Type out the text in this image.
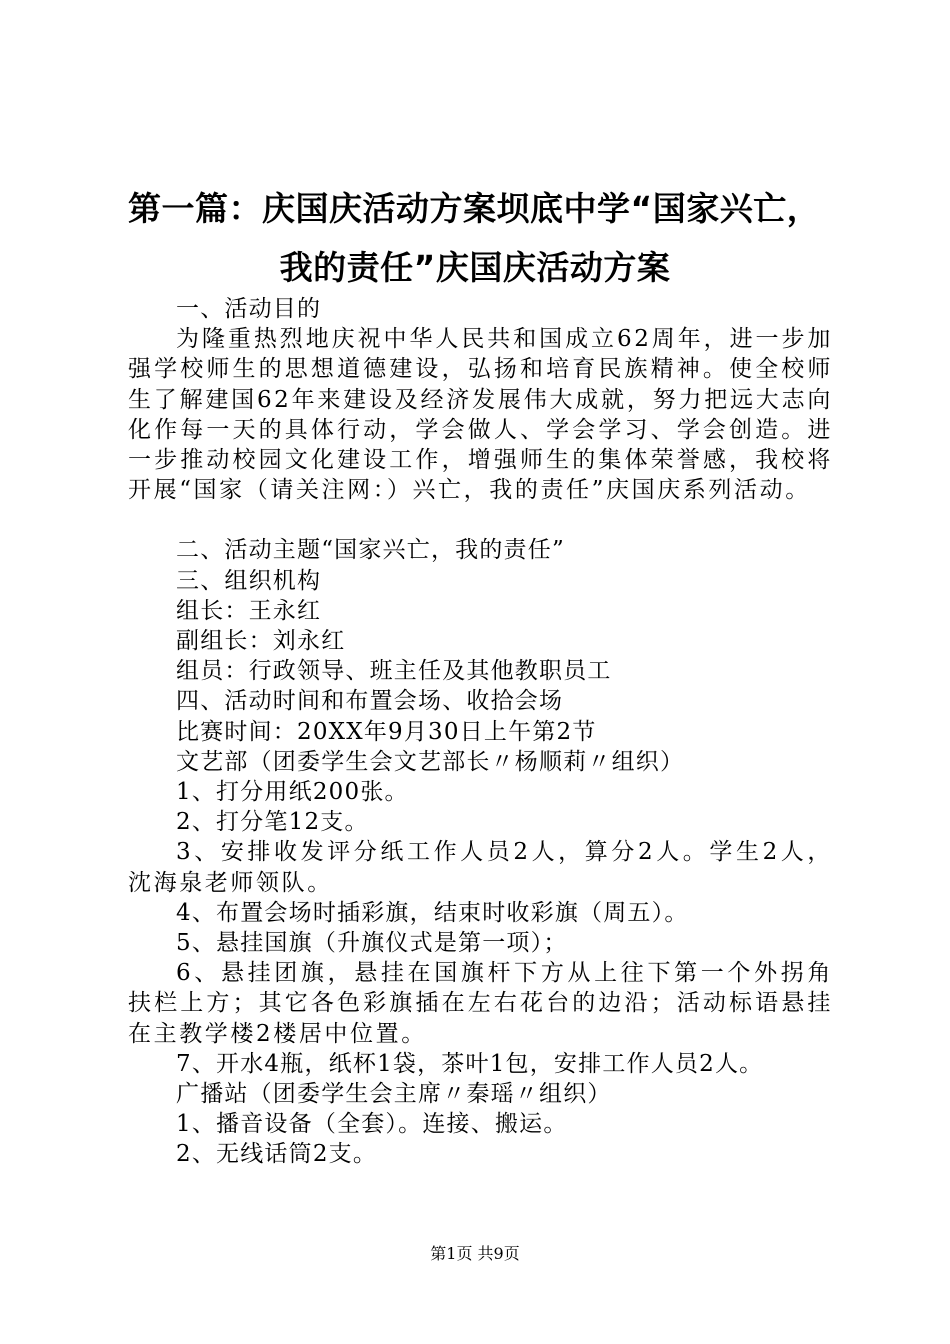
第一篇：庆国庆活动方案坝底中学“国家兴亡，
我的责任”庆国庆活动方案

一、活动目的

为隆重热烈地庆祝中华人民共和国成立62周年，进一步加强学校师生的思想道德建设，弘扬和培育民族精神。使全校师生了解建国62年来建设及经济发展伟大成就，努力把远大志向化作每一天的具体行动，学会做人、学会学习、学会创造。进一步推动校园文化建设工作，增强师生的集体荣誉感，我校将开展“国家（请关注网：）兴亡，我的责任”庆国庆系列活动。

二、活动主题“国家兴亡，我的责任”

三、组织机构

组长：王永红

副组长：刘永红

组员：行政领导、班主任及其他教职员工

四、活动时间和布置会场、收拾会场

比赛时间：20XX年9月30日上午第2节

文艺部（团委学生会文艺部长〃杨顺莉〃组织）

1、打分用纸200张。

2、打分笔12支。

3、安排收发评分纸工作人员2人，算分2人。学生2人，沈海泉老师领队。

4、布置会场时插彩旗，结束时收彩旗（周五）。

5、悬挂国旗（升旗仪式是第一项）；

6、悬挂团旗，悬挂在国旗杆下方从上往下第一个外拐角扶栏上方；其它各色彩旗插在左右花台的边沿；活动标语悬挂在主教学楼2楼居中位置。

7、开水4瓶，纸杯1袋，茶叶1包，安排工作人员2人。

广播站（团委学生会主席〃秦瑶〃组织）

1、播音设备（全套）。连接、搬运。

2、无线话筒2支。

第1页 共9页
